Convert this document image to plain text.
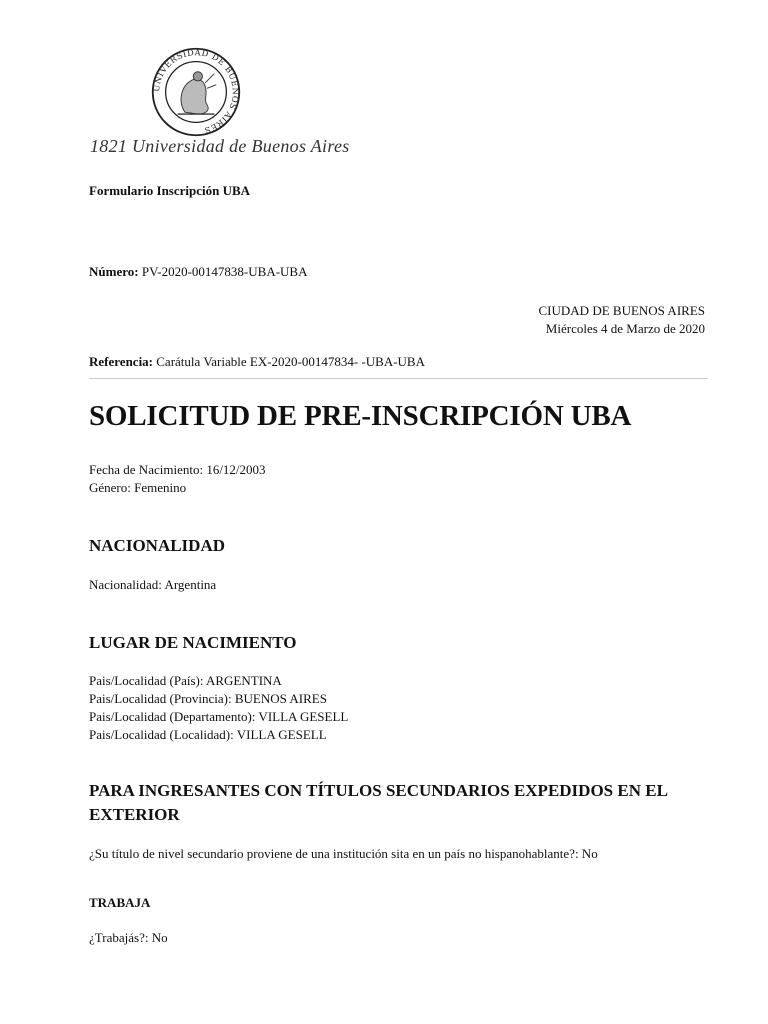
UNIVERSIDAD DE BUENOS AIRES
1821 Universidad de Buenos Aires
Formulario Inscripción UBA
Número: PV-2020-00147838-UBA-UBA
CIUDAD DE BUENOS AIRES
Miércoles 4 de Marzo de 2020
Referencia: Carátula Variable EX-2020-00147834- -UBA-UBA
SOLICITUD DE PRE-INSCRIPCIÓN UBA
Fecha de Nacimiento: 16/12/2003
Género: Femenino
NACIONALIDAD
Nacionalidad: Argentina
LUGAR DE NACIMIENTO
Pais/Localidad (País): ARGENTINA
Pais/Localidad (Provincia): BUENOS AIRES
Pais/Localidad (Departamento): VILLA GESELL
Pais/Localidad (Localidad): VILLA GESELL
PARA INGRESANTES CON TÍTULOS SECUNDARIOS EXPEDIDOS EN EL
EXTERIOR
¿Su título de nivel secundario proviene de una institución sita en un país no hispanohablante?: No
TRABAJA
¿Trabajás?: No
